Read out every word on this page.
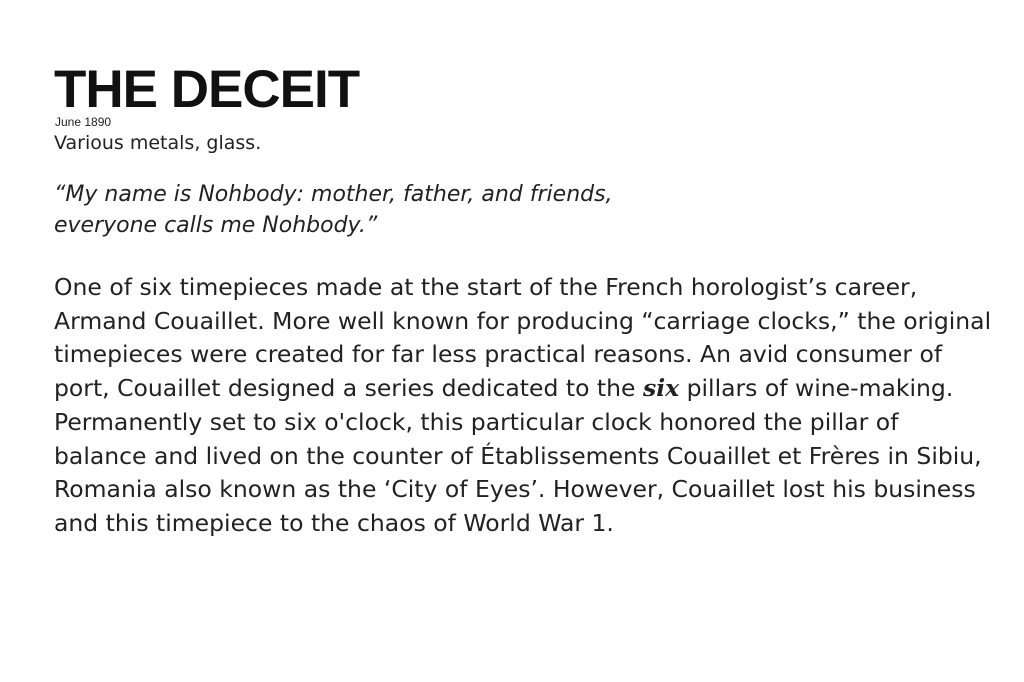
THE DECEIT
June 1890
Various metals, glass.
“My name is Nohbody: mother, father, and friends,
everyone calls me Nohbody.”

One of six timepieces made at the start of the French horologist’s career, Armand Couaillet. More well known for producing “carriage clocks,” the original timepieces were created for far less practical reasons. An avid consumer of port, Couaillet designed a series dedicated to the six pillars of wine-making. Permanently set to six o'clock, this particular clock honored the pillar of balance and lived on the counter of Établissements Couaillet et Frères in Sibiu, Romania also known as the ‘City of Eyes’. However, Couaillet lost his business and this timepiece to the chaos of World War 1.
